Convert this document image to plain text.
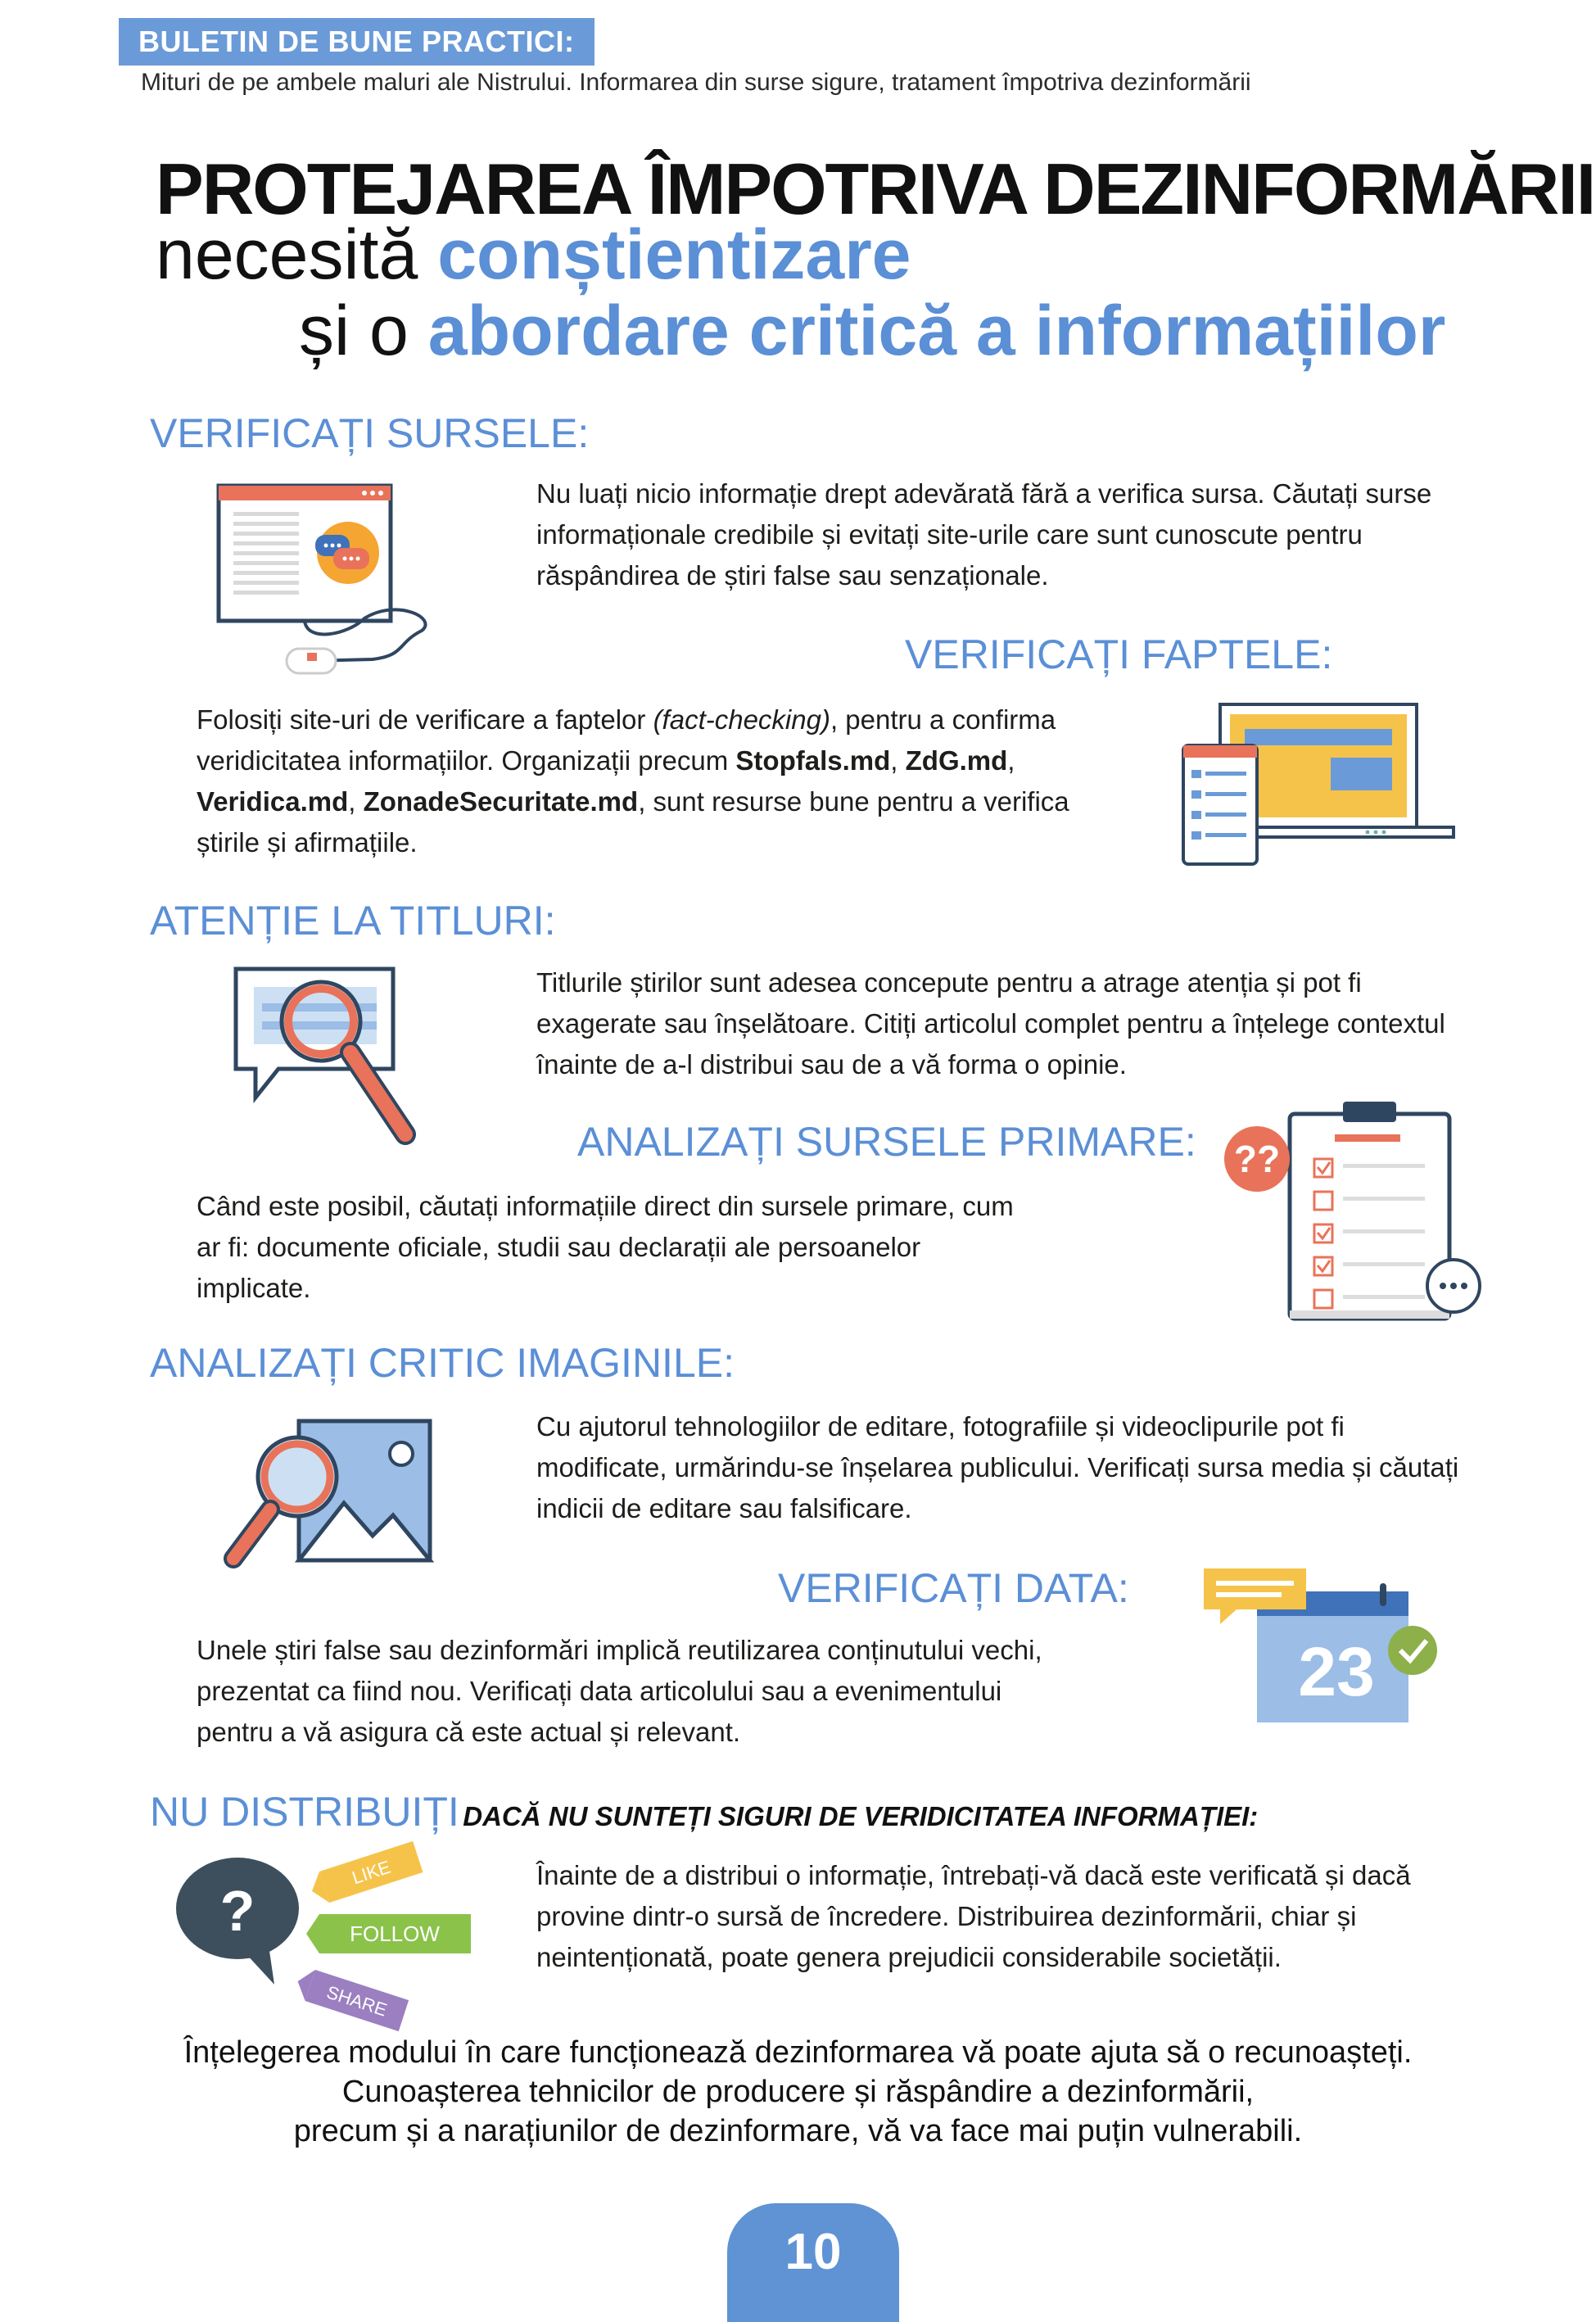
BULETIN DE BUNE PRACTICI:
Mituri de pe ambele maluri ale Nistrului. Informarea din surse sigure, tratament împotriva dezinformării
PROTEJAREA ÎMPOTRIVA DEZINFORMĂRII
necesită conștientizare
și o abordare critică a informațiilor
VERIFICAȚI SURSELE:
Nu luați nicio informație drept adevărată fără a verifica sursa. Căutați surse informaționale credibile și evitați site-urile care sunt cunoscute pentru răspândirea de știri false sau senzaționale.
VERIFICAȚI FAPTELE:
Folosiți site-uri de verificare a faptelor (fact-checking), pentru a confirma veridicitatea informațiilor. Organizații precum Stopfals.md, ZdG.md, Veridica.md, ZonadeSecuritate.md, sunt resurse bune pentru a verifica știrile și afirmațiile.
ATENȚIE LA TITLURI:
Titlurile știrilor sunt adesea concepute pentru a atrage atenția și pot fi exagerate sau înșelătoare. Citiți articolul complet pentru a înțelege contextul înainte de a-l distribui sau de a vă forma o opinie.
ANALIZAȚI SURSELE PRIMARE: ??
Când este posibil, căutați informațiile direct din sursele primare, cum ar fi: documente oficiale, studii sau declarații ale persoanelor implicate.
ANALIZAȚI CRITIC IMAGINILE:
Cu ajutorul tehnologiilor de editare, fotografiile și videoclipurile pot fi modificate, urmărindu-se înșelarea publicului. Verificați sursa media și căutați indicii de editare sau falsificare.
VERIFICAȚI DATA:
23
Unele știri false sau dezinformări implică reutilizarea conținutului vechi, prezentat ca fiind nou. Verificați data articolului sau a evenimentului pentru a vă asigura că este actual și relevant.
NU DISTRIBUIȚI DACĂ NU SUNTEȚI SIGURI DE VERIDICITATEA INFORMAȚIEI:
?
LIKE
FOLLOW
SHARE
Înainte de a distribui o informație, întrebați-vă dacă este verificată și dacă provine dintr-o sursă de încredere. Distribuirea dezinformării, chiar și neintenționată, poate genera prejudicii considerabile societății.
Înțelegerea modului în care funcționează dezinformarea vă poate ajuta să o recunoașteți.
Cunoașterea tehnicilor de producere și răspândire a dezinformării,
precum și a narațiunilor de dezinformare, vă va face mai puțin vulnerabili.
10
